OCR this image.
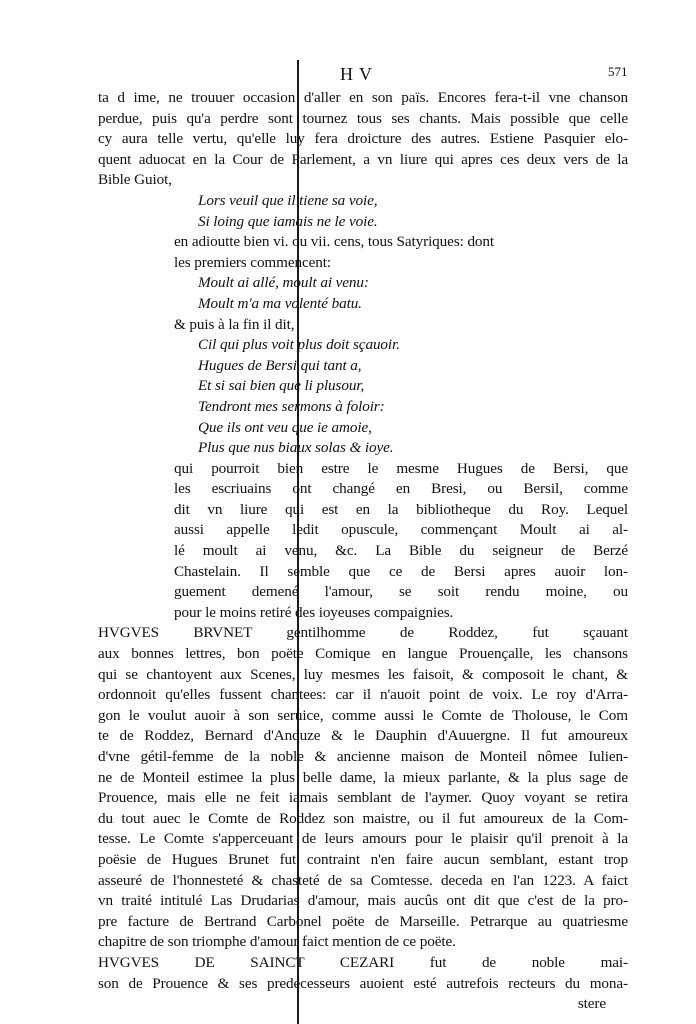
HV	571
ta d ime, ne trouuer occasion d'aller en son païs. Encores fera-t-il vne chanson
perdue, puis qu'a perdre sont tournez tous ses chants. Mais possible que celle
cy aura telle vertu, qu'elle luy fera droicture des autres. Estiene Pasquier elo-
quent aduocat en la Cour de Parlement, a vn liure qui apres ces deux vers de la
Bible Guiot,
Lors veuil que il tiene sa voie,
Si loing que iamais ne le voie.
en adioutte bien vi. ou vii. cens, tous Satyriques: dont
les premiers commencent:
Moult ai allé, moult ai venu:
Moult m'a ma volenté batu.
& puis à la fin il dit,
Cil qui plus voit plus doit sçauoir.
Hugues de Bersi qui tant a,
Et si sai bien que li plusour,
Tendront mes sermons à foloir:
Que ils ont veu que ie amoie,
Plus que nus biaux solas & ioye.
qui pourroit bien estre le mesme Hugues de Bersi, que
les escriuains ont changé en Bresi, ou Bersil, comme
dit vn liure qui est en la bibliotheque du Roy. Lequel
aussi appelle ledit opuscule, commençant Moult ai al-
lé moult ai venu, &c. La Bible du seigneur de Berzé
Chastelain. Il semble que ce de Bersi apres auoir lon-
guement demené l'amour, se soit rendu moine, ou
pour le moins retiré des ioyeuses compaignies.
HVGVES BRVNET gentilhomme de Roddez, fut sçauant
aux bonnes lettres, bon poëte Comique en langue Prouençalle, les chansons
qui se chantoyent aux Scenes, luy mesmes les faisoit, & composoit le chant, &
ordonnoit qu'elles fussent chantees: car il n'auoit point de voix. Le roy d'Arra-
gon le voulut auoir à son seruice, comme aussi le Comte de Tholouse, le Com
te de Roddez, Bernard d'Anduze & le Dauphin d'Auuergne. Il fut amoureux
d'vne gétil-femme de la noble & ancienne maison de Monteil nômee Iulien-
ne de Monteil estimee la plus belle dame, la mieux parlante, & la plus sage de
Prouence, mais elle ne feit iamais semblant de l'aymer. Quoy voyant se retira
du tout auec le Comte de Roddez son maistre, ou il fut amoureux de la Com-
tesse. Le Comte s'apperceuant de leurs amours pour le plaisir qu'il prenoit à la
poësie de Hugues Brunet fut contraint n'en faire aucun semblant, estant trop
asseuré de l'honnesteté & chasteté de sa Comtesse. deceda en l'an 1223. A faict
vn traité intitulé Las Drudarias d'amour, mais aucûs ont dit que c'est de la pro-
pre facture de Bertrand Carbonel poëte de Marseille. Petrarque au quatriesme
chapitre de son triomphe d'amour faict mention de ce poëte.
HVGVES DE SAINCT CEZARI fut de noble mai-
son de Prouence & ses predecesseurs auoient esté autrefois recteurs du mona-
stere
